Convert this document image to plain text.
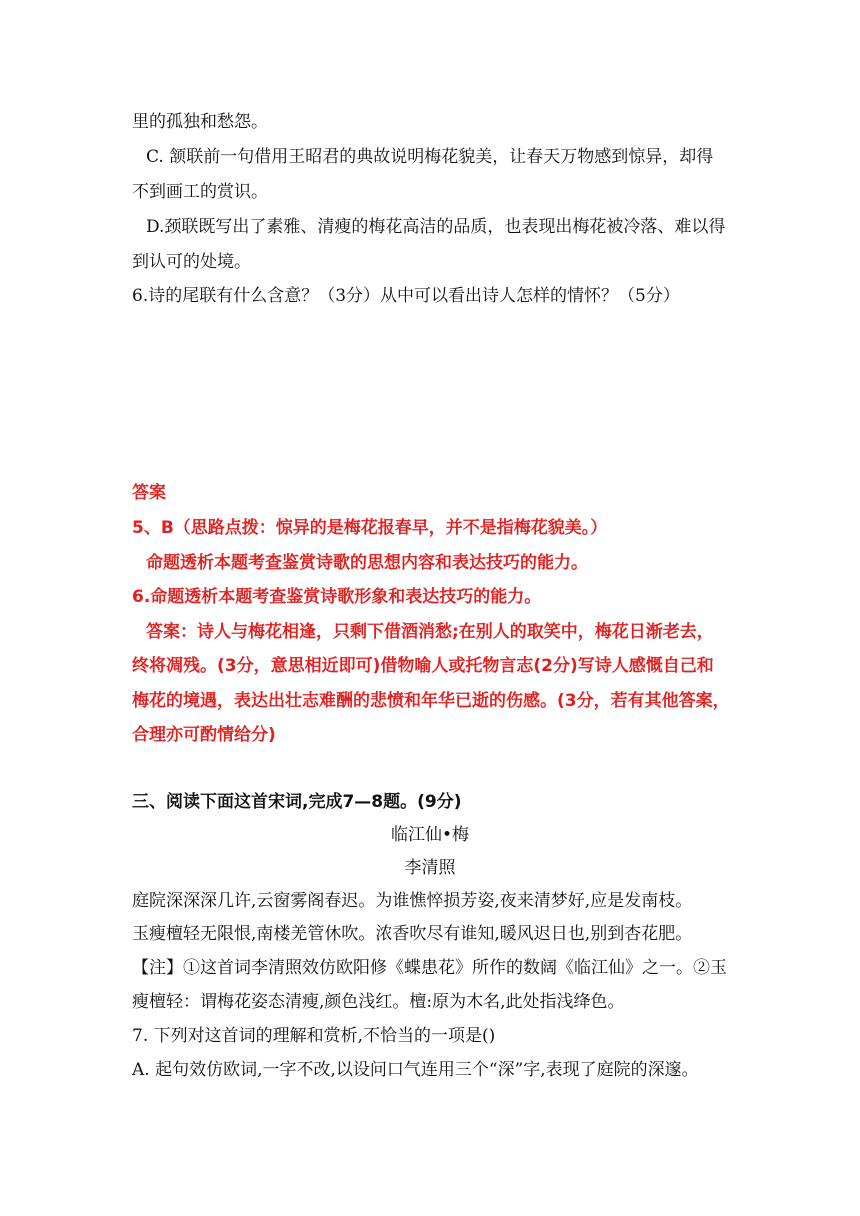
里的孤独和愁怨。
C. 颔联前一句借用王昭君的典故说明梅花貌美，让春天万物感到惊异，却得
不到画工的赏识。
D.颈联既写出了素雅、清瘦的梅花高洁的品质，也表现出梅花被冷落、难以得
到认可的处境。
6.诗的尾联有什么含意？（3分）从中可以看出诗人怎样的情怀？（5分）
答案
5、B（思路点拨：惊异的是梅花报春早，并不是指梅花貌美。）
命题透析本题考查鉴赏诗歌的思想内容和表达技巧的能力。
6.命题透析本题考查鉴赏诗歌形象和表达技巧的能力。
答案：诗人与梅花相逢，只剩下借酒消愁;在别人的取笑中，梅花日渐老去，
终将凋残。(3分，意思相近即可)借物喻人或托物言志(2分)写诗人感慨自己和
梅花的境遇，表达出壮志难酬的悲愤和年华已逝的伤感。(3分，若有其他答案，
合理亦可酌情给分)
三、阅读下面这首宋词,完成7—8题。(9分)
临江仙•梅
李清照
庭院深深深几许,云窗雾阁春迟。为谁憔悴损芳姿,夜来清梦好,应是发南枝。
玉瘦檀轻无限恨,南楼羌管休吹。浓香吹尽有谁知,暖风迟日也,别到杏花肥。
【注】①这首词李清照效仿欧阳修《蝶患花》所作的数阔《临江仙》之一。②玉
瘦檀轻：谓梅花姿态清瘦,颜色浅红。檀:原为木名,此处指浅绛色。
7. 下列对这首词的理解和赏析,不恰当的一项是()
A. 起句效仿欧词,一字不改,以设问口气连用三个“深”字,表现了庭院的深邃。
